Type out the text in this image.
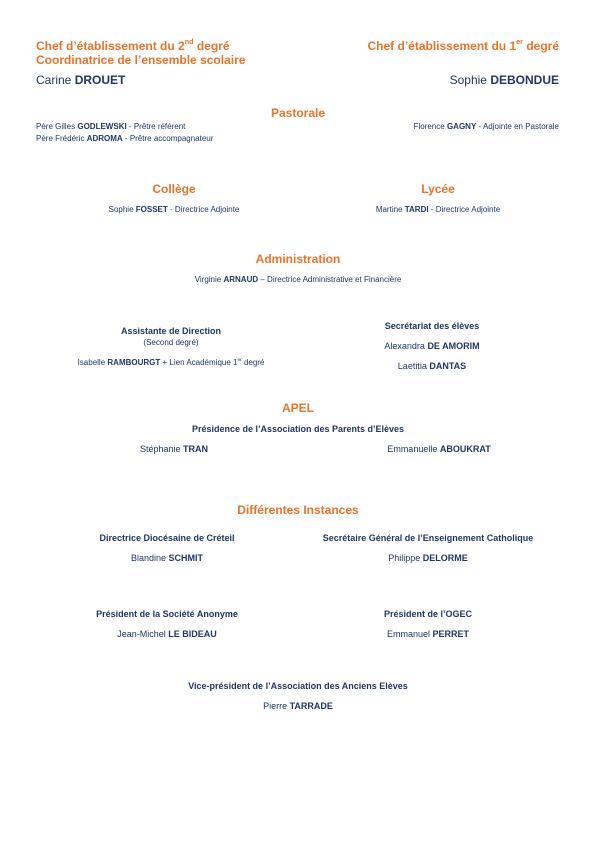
Chef d’établissement du 2nd degré
Coordinatrice de l’ensemble scolaire
Carine DROUET
Chef d’établissement du 1er degré
Sophie DEBONDUE
Pastorale
Père Gilles GODLEWSKI - Prêtre référent
Père Frédéric ADROMA - Prêtre accompagnateur
Florence GAGNY - Adjointe en Pastorale
Collège
Sophie FOSSET - Directrice Adjointe
Lycée
Martine TARDI - Directrice Adjointe
Administration
Virginie ARNAUD – Directrice Administrative et Financière
Assistante de Direction
(Second degré)
Isabelle RAMBOURGT + Lien Académique 1er degré
Secrétariat des élèves
Alexandra DE AMORIM
Laetitia DANTAS
APEL
Présidence de l’Association des Parents d’Elèves
Stéphanie TRAN	Emmanuelle ABOUKRAT
Différentes Instances
Directrice Diocésaine de Créteil
Blandine SCHMIT
Secrétaire Général de l’Enseignement Catholique
Philippe DELORME
Président de la Société Anonyme
Jean-Michel LE BIDEAU
Président de l’OGEC
Emmanuel PERRET
Vice-président de l’Association des Anciens Elèves
Pierre TARRADE
